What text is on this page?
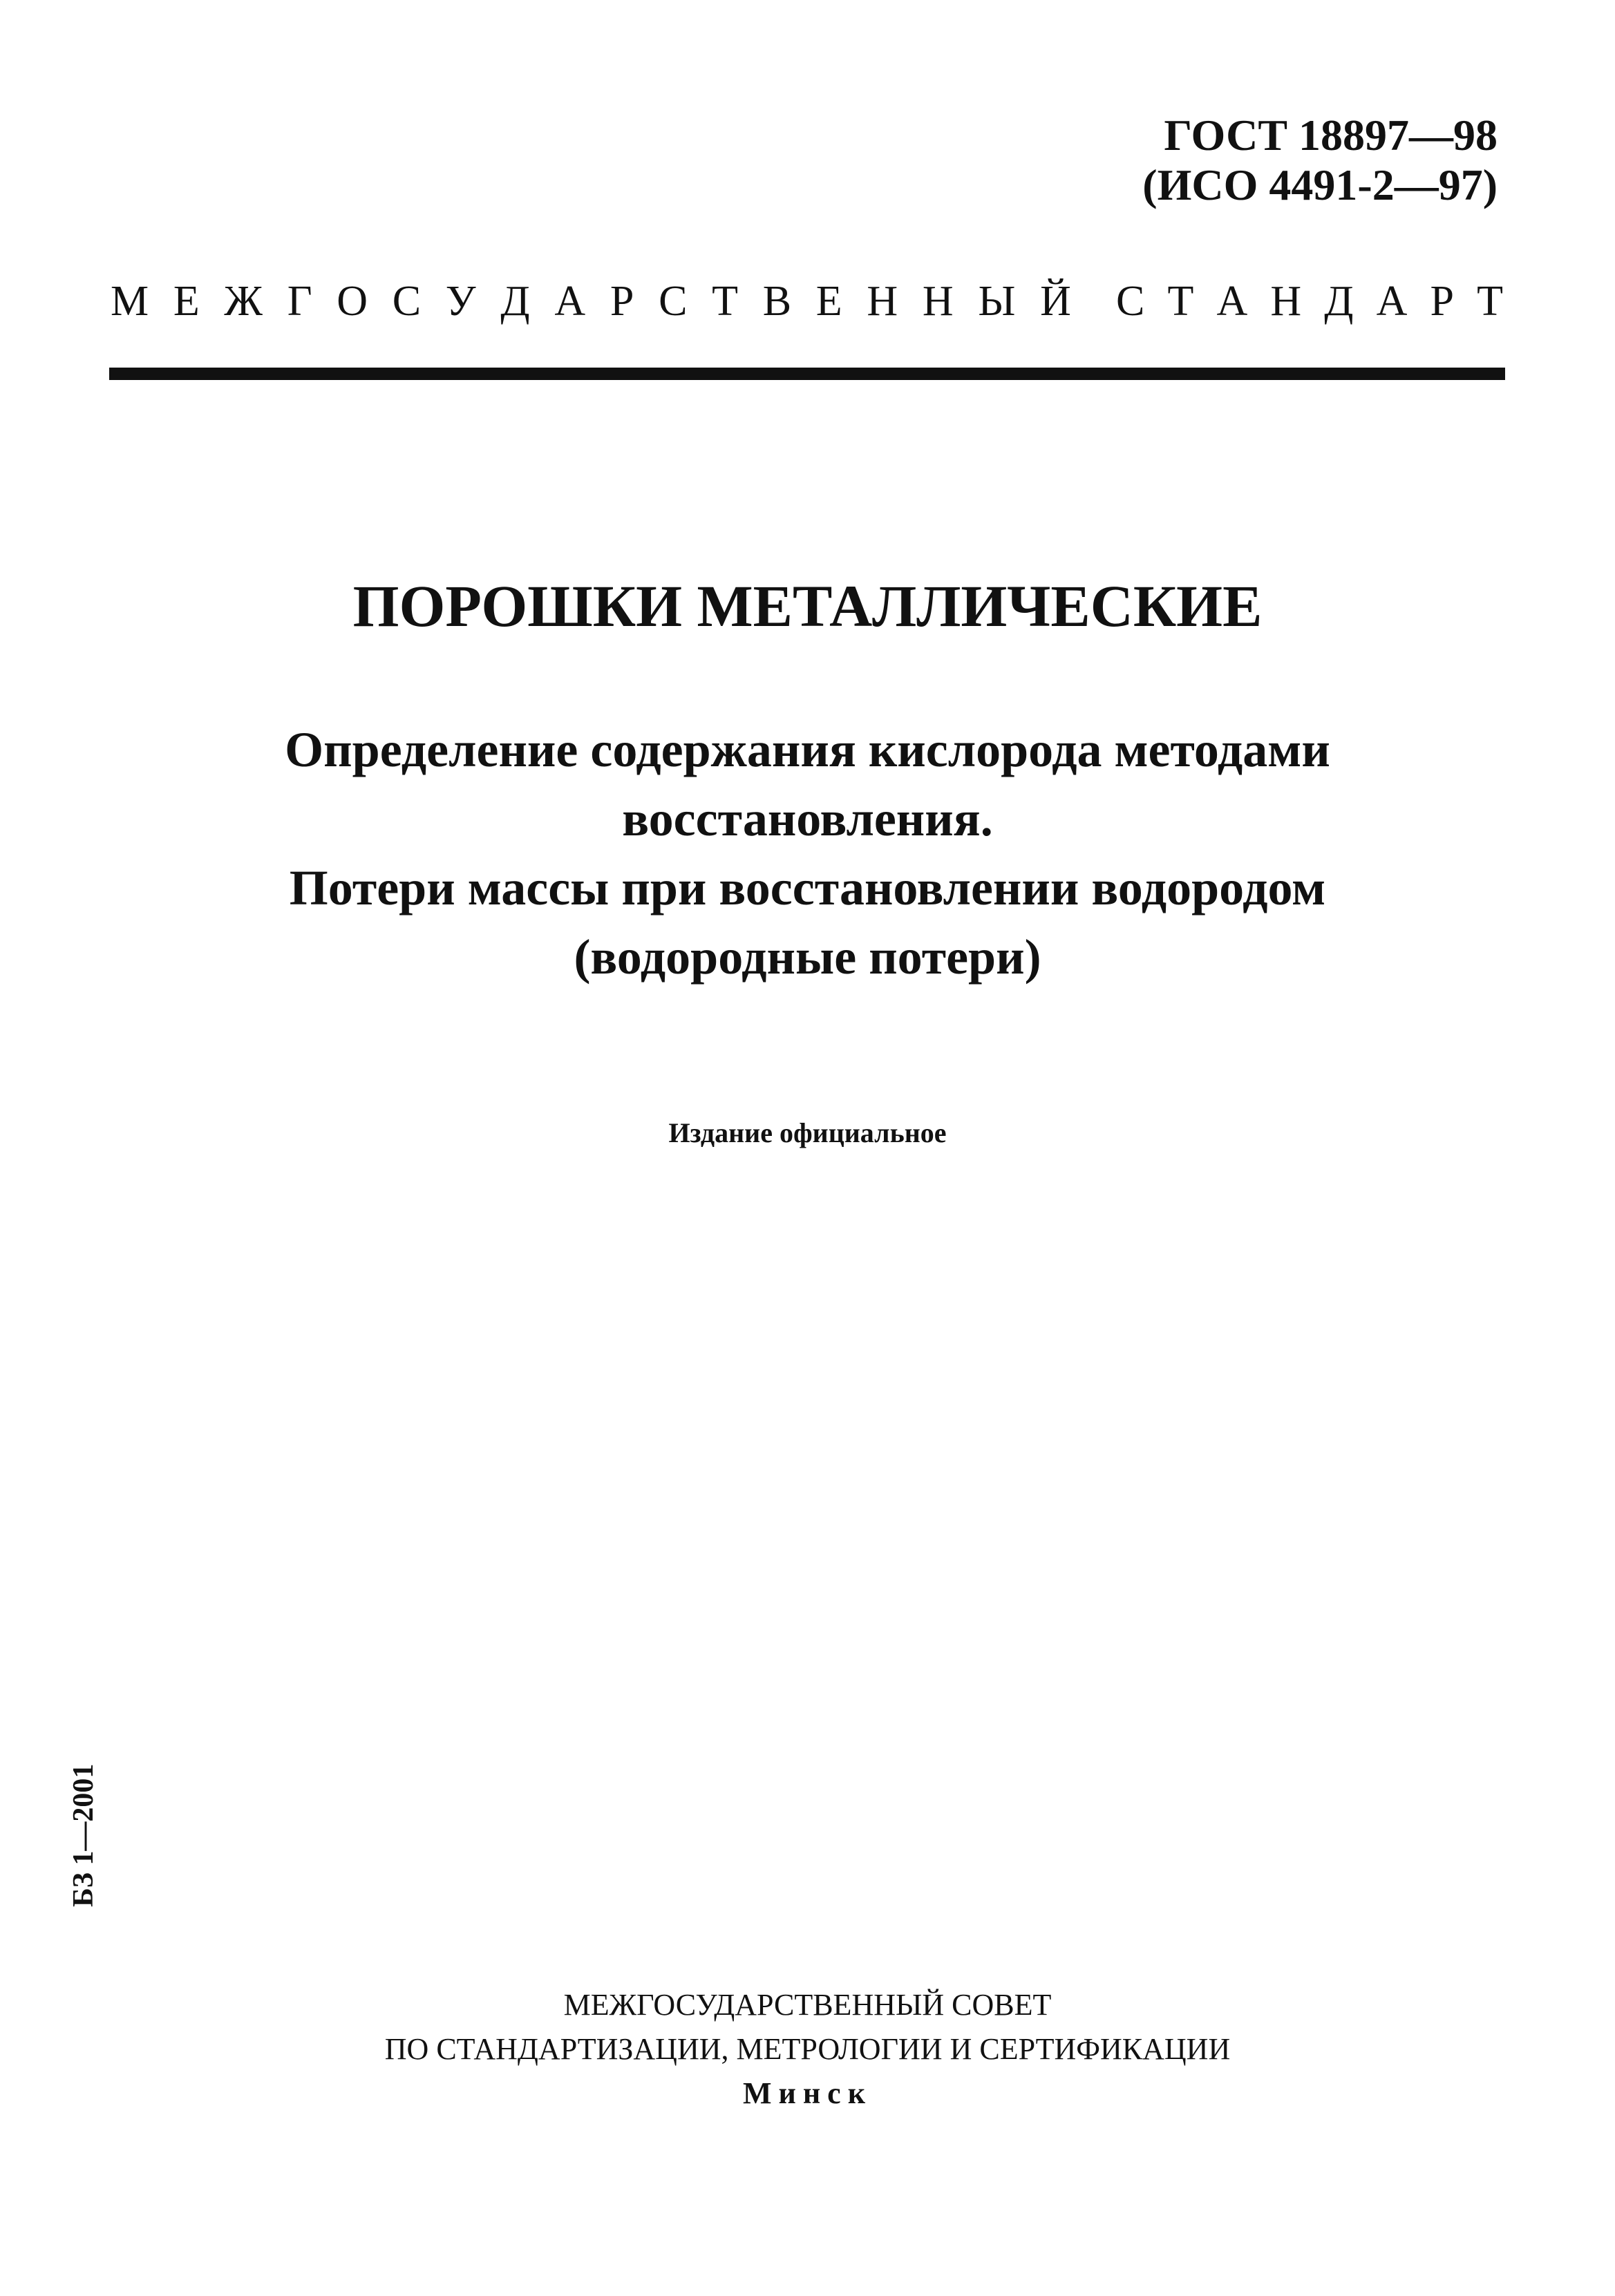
ГОСТ 18897—98
(ИСО 4491-2—97)
М Е Ж Г О С У Д А Р С Т В Е Н Н Ы Й С Т А Н Д А Р Т
ПОРОШКИ МЕТАЛЛИЧЕСКИЕ
Определение содержания кислорода методами
восстановления.
Потери массы при восстановлении водородом
(водородные потери)
Издание официальное
БЗ 1—2001
МЕЖГОСУДАРСТВЕННЫЙ СОВЕТ
ПО СТАНДАРТИЗАЦИИ, МЕТРОЛОГИИ И СЕРТИФИКАЦИИ
Минск
